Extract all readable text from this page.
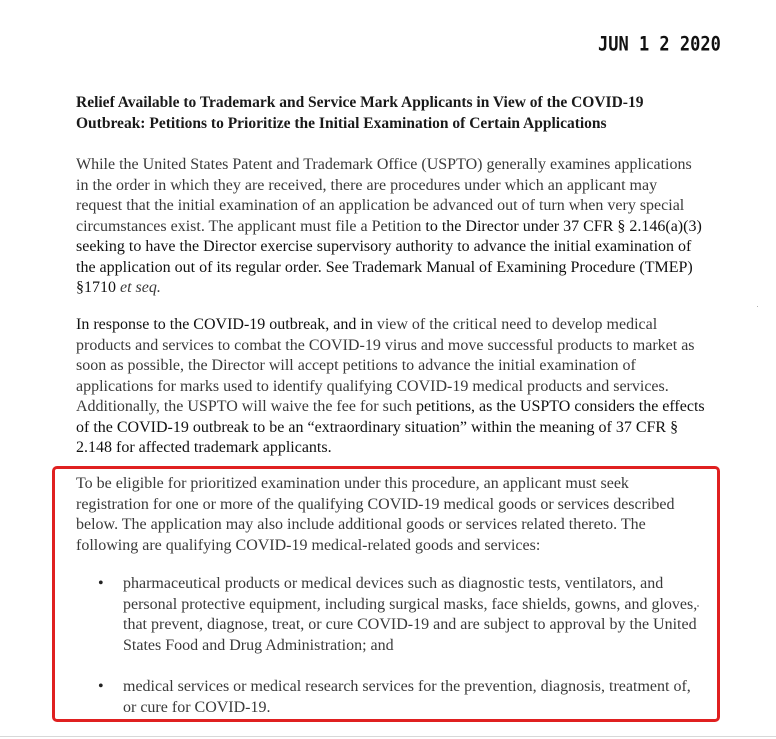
JUN 1 2 2020
Relief Available to Trademark and Service Mark Applicants in View of the COVID-19 Outbreak: Petitions to Prioritize the Initial Examination of Certain Applications
While the United States Patent and Trademark Office (USPTO) generally examines applications in the order in which they are received, there are procedures under which an applicant may request that the initial examination of an application be advanced out of turn when very special circumstances exist. The applicant must file a Petition to the Director under 37 CFR § 2.146(a)(3) seeking to have the Director exercise supervisory authority to advance the initial examination of the application out of its regular order. See Trademark Manual of Examining Procedure (TMEP) §1710 et seq.
In response to the COVID-19 outbreak, and in view of the critical need to develop medical products and services to combat the COVID-19 virus and move successful products to market as soon as possible, the Director will accept petitions to advance the initial examination of applications for marks used to identify qualifying COVID-19 medical products and services. Additionally, the USPTO will waive the fee for such petitions, as the USPTO considers the effects of the COVID-19 outbreak to be an “extraordinary situation” within the meaning of 37 CFR § 2.148 for affected trademark applicants.
To be eligible for prioritized examination under this procedure, an applicant must seek registration for one or more of the qualifying COVID-19 medical goods or services described below. The application may also include additional goods or services related thereto. The following are qualifying COVID-19 medical-related goods and services:
• pharmaceutical products or medical devices such as diagnostic tests, ventilators, and personal protective equipment, including surgical masks, face shields, gowns, and gloves, that prevent, diagnose, treat, or cure COVID-19 and are subject to approval by the United States Food and Drug Administration; and
• medical services or medical research services for the prevention, diagnosis, treatment of, or cure for COVID-19.
